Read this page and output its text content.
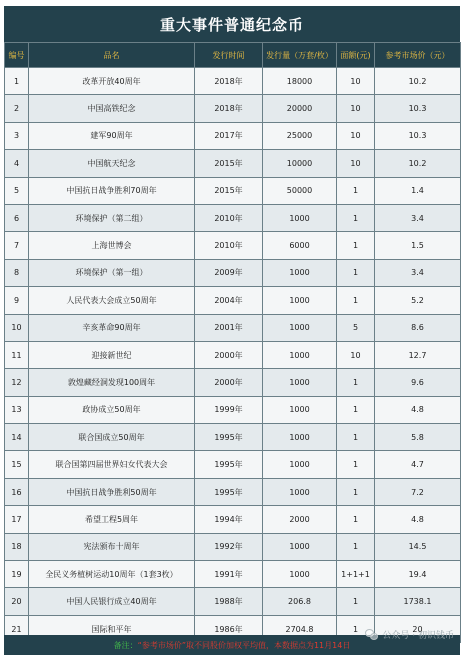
重大事件普通纪念币
编号	品名	发行时间	发行量（万套/枚）	面额(元)	参考市场价（元）
1	改革开放40周年	2018年	18000	10	10.2
2	中国高铁纪念	2018年	20000	10	10.3
3	建军90周年	2017年	25000	10	10.3
4	中国航天纪念	2015年	10000	10	10.2
5	中国抗日战争胜利70周年	2015年	50000	1	1.4
6	环境保护（第二组）	2010年	1000	1	3.4
7	上海世博会	2010年	6000	1	1.5
8	环境保护（第一组）	2009年	1000	1	3.4
9	人民代表大会成立50周年	2004年	1000	1	5.2
10	辛亥革命90周年	2001年	1000	5	8.6
11	迎接新世纪	2000年	1000	10	12.7
12	敦煌藏经洞发现100周年	2000年	1000	1	9.6
13	政协成立50周年	1999年	1000	1	4.8
14	联合国成立50周年	1995年	1000	1	5.8
15	联合国第四届世界妇女代表大会	1995年	1000	1	4.7
16	中国抗日战争胜利50周年	1995年	1000	1	7.2
17	希望工程5周年	1994年	2000	1	4.8
18	宪法颁布十周年	1992年	1000	1	14.5
19	全民义务植树运动10周年（1套3枚）	1991年	1000	1+1+1	19.4
20	中国人民银行成立40周年	1988年	206.8	1	1738.1
21	国际和平年	1986年	2704.8	1	20
备注： “参考市场价”取不同股价加权平均值，本数据点为11月14日
公众号 · 初识钱币
